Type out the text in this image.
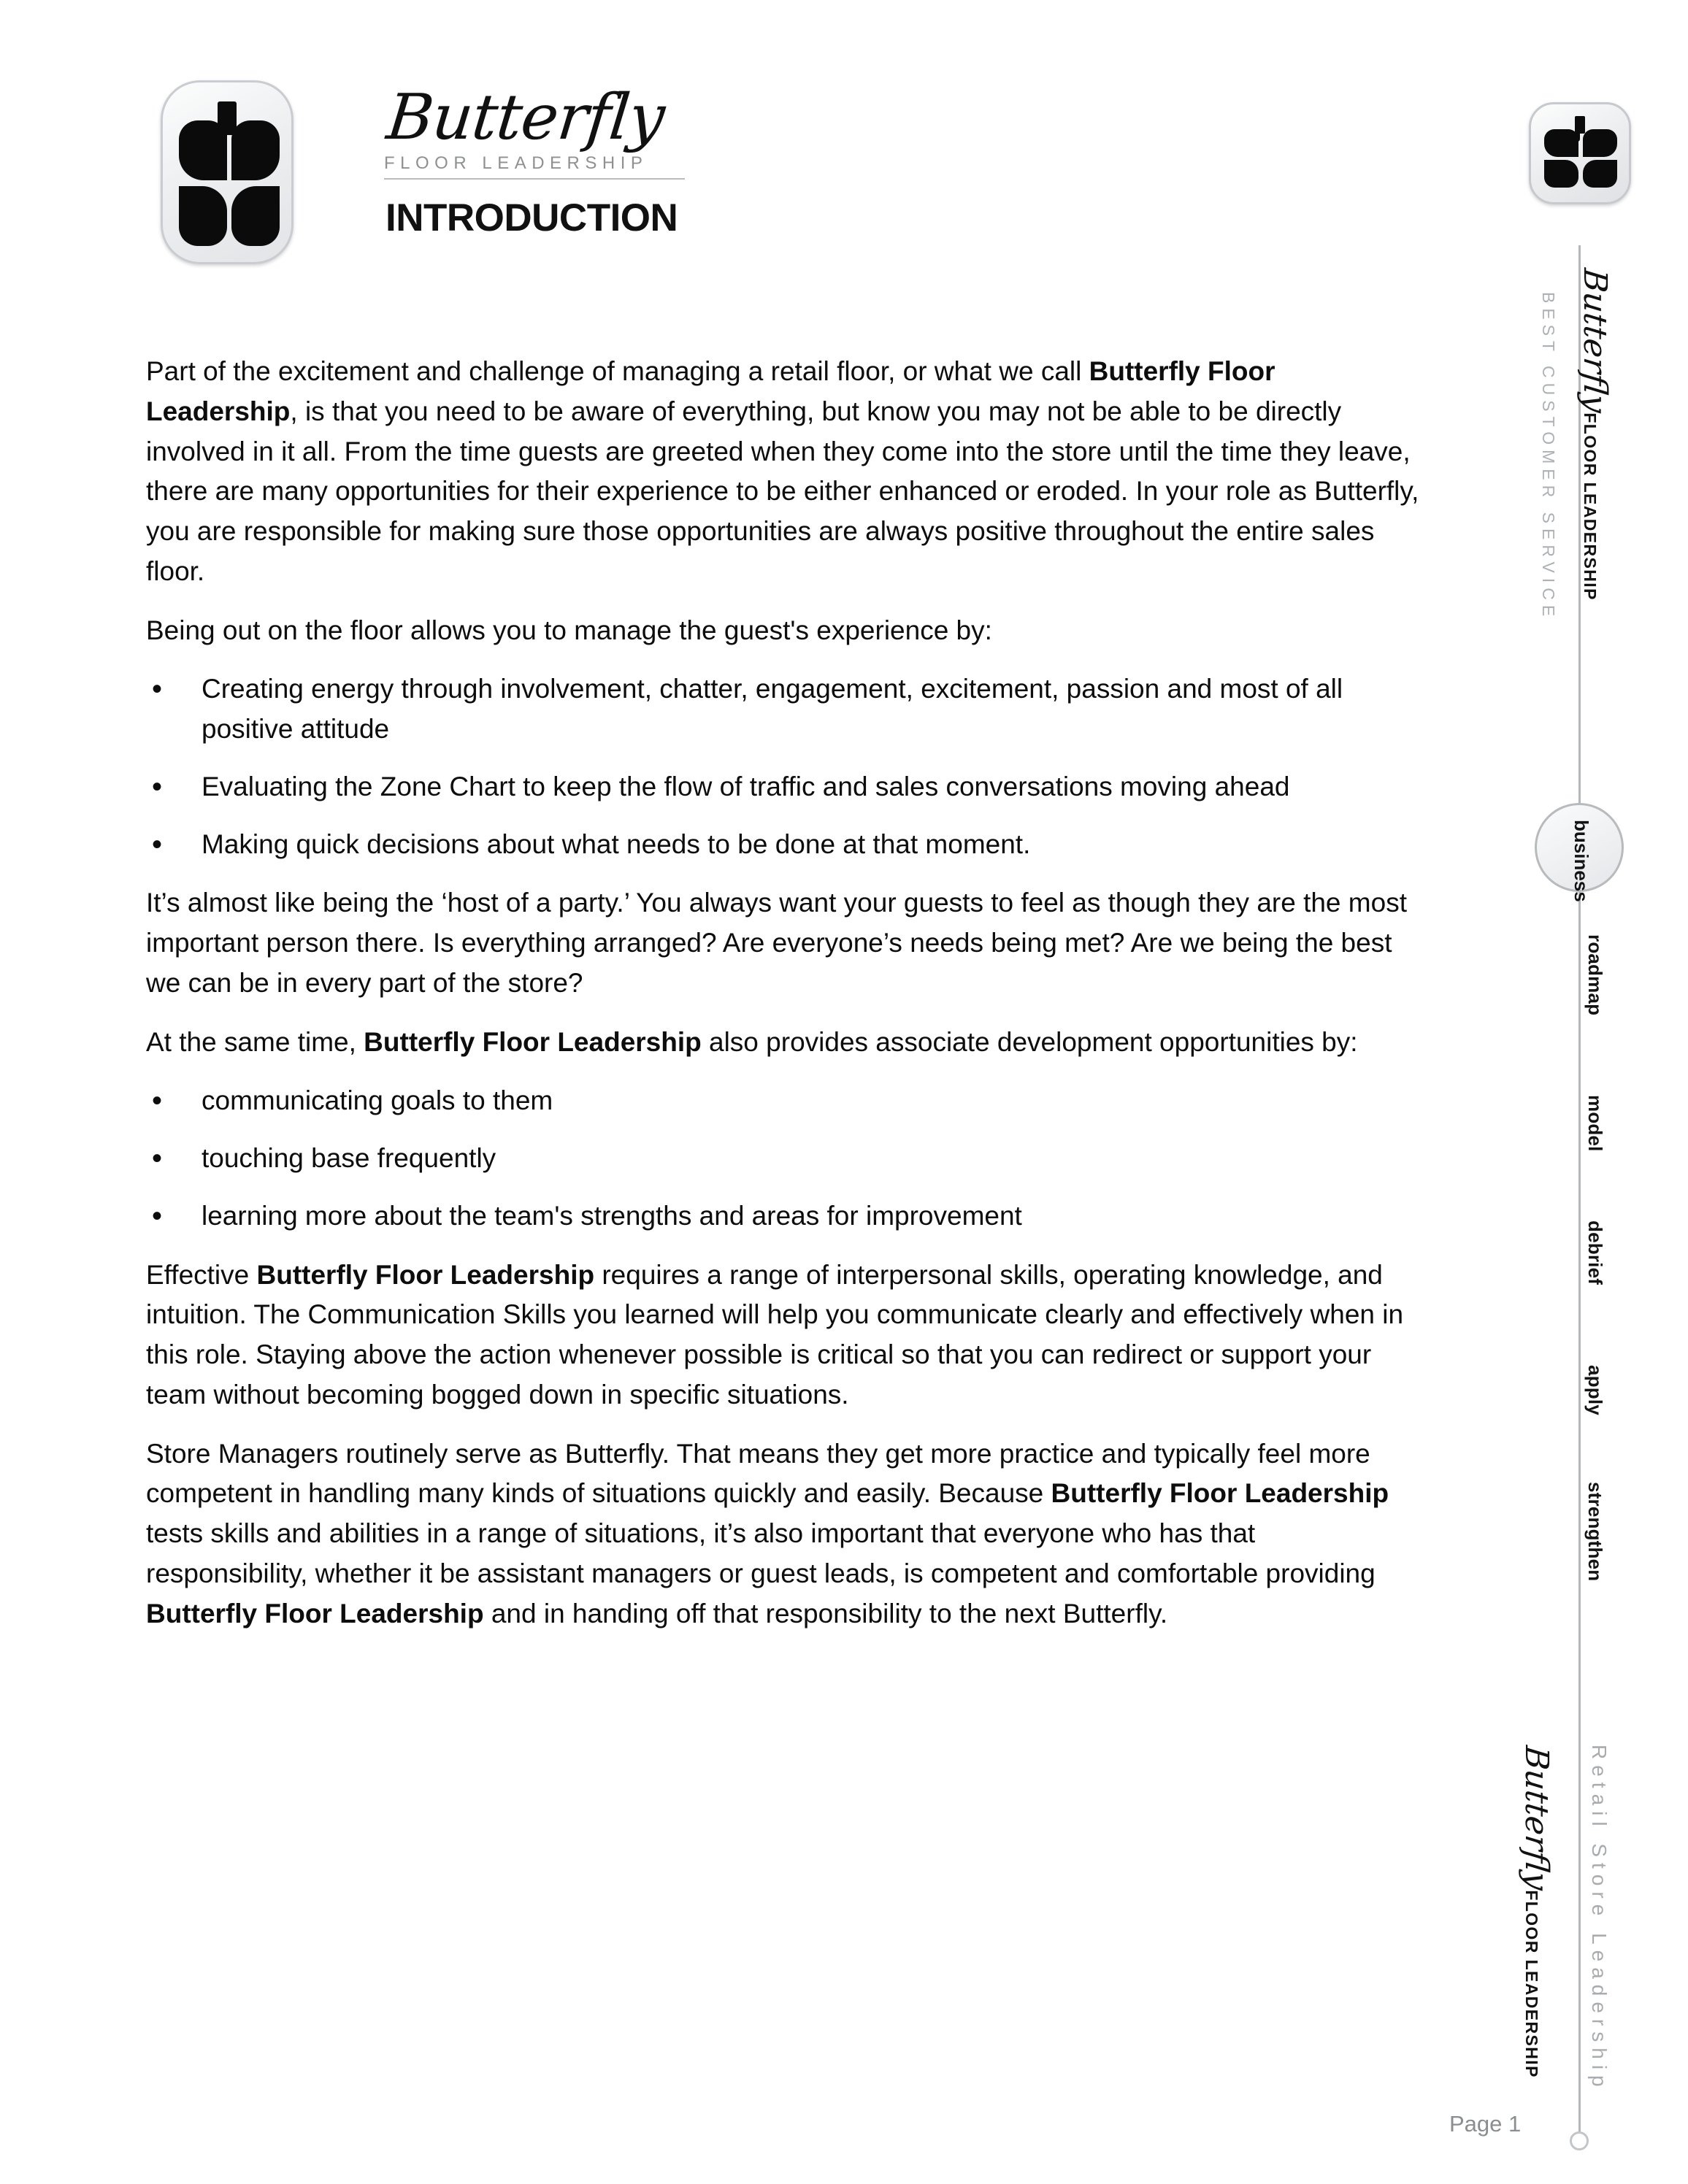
Butterfly
FLOOR LEADERSHIP
INTRODUCTION

Part of the excitement and challenge of managing a retail floor, or what we call Butterfly Floor Leadership, is that you need to be aware of everything, but know you may not be able to be directly involved in it all. From the time guests are greeted when they come into the store until the time they leave, there are many opportunities for their experience to be either enhanced or eroded. In your role as Butterfly, you are responsible for making sure those opportunities are always positive throughout the entire sales floor.

Being out on the floor allows you to manage the guest's experience by:

• Creating energy through involvement, chatter, engagement, excitement, passion and most of all positive attitude
• Evaluating the Zone Chart to keep the flow of traffic and sales conversations moving ahead
• Making quick decisions about what needs to be done at that moment.

It’s almost like being the ‘host of a party.’ You always want your guests to feel as though they are the most important person there. Is everything arranged? Are everyone’s needs being met? Are we being the best we can be in every part of the store?

At the same time, Butterfly Floor Leadership also provides associate development opportunities by:

• communicating goals to them
• touching base frequently
• learning more about the team's strengths and areas for improvement

Effective Butterfly Floor Leadership requires a range of interpersonal skills, operating knowledge, and intuition. The Communication Skills you learned will help you communicate clearly and effectively when in this role. Staying above the action whenever possible is critical so that you can redirect or support your team without becoming bogged down in specific situations.

Store Managers routinely serve as Butterfly. That means they get more practice and typically feel more competent in handling many kinds of situations quickly and easily. Because Butterfly Floor Leadership tests skills and abilities in a range of situations, it’s also important that everyone who has that responsibility, whether it be assistant managers or guest leads, is competent and comfortable providing Butterfly Floor Leadership and in handing off that responsibility to the next Butterfly.

BEST CUSTOMER SERVICE ButterflyFLOOR LEADERSHIP
business
roadmap
model
debrief
apply
strengthen
Retail Store Leadership
ButterflyFLOOR LEADERSHIP
Page 1
